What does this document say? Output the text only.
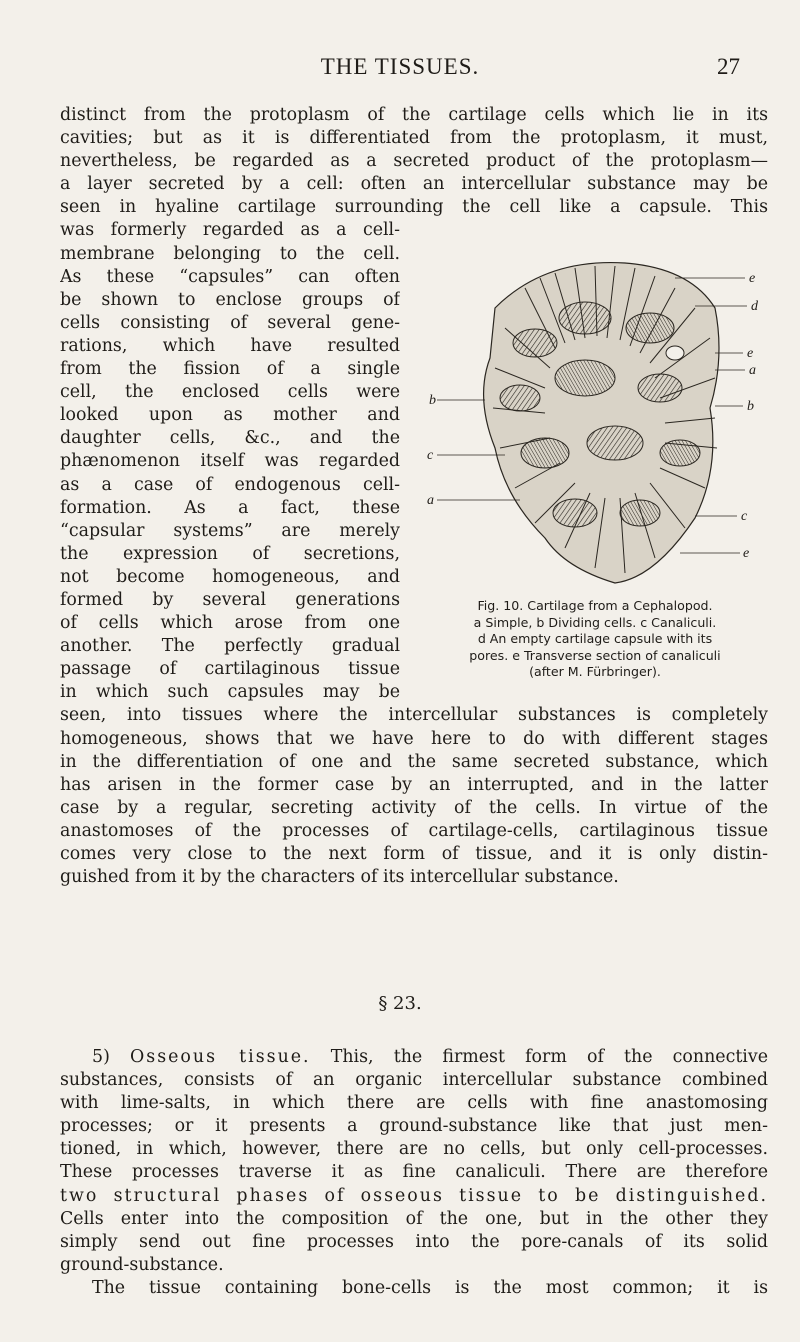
THE TISSUES.	27
distinct from the protoplasm of the cartilage cells which lie in its
cavities; but as it is differentiated from the protoplasm, it must,
nevertheless, be regarded as a secreted product of the protoplasm—
a layer secreted by a cell: often an intercellular substance may be
seen in hyaline cartilage surrounding the cell like a capsule. This
was formerly regarded as a cell-
membrane belonging to the cell.
As these “capsules” can often
be shown to enclose groups of
cells consisting of several gene-
rations, which have resulted
from the fission of a single
cell, the enclosed cells were
looked upon as mother and
daughter cells, &c., and the
phænomenon itself was regarded
as a case of endogenous cell-
formation. As a fact, these
“capsular systems” are merely
the expression of secretions,
not become homogeneous, and
formed by several generations
of cells which arose from one
another. The perfectly gradual
passage of cartilaginous tissue
in which such capsules may be
seen, into tissues where the intercellular substances is completely
homogeneous, shows that we have here to do with different stages
in the differentiation of one and the same secreted substance, which
has arisen in the former case by an interrupted, and in the latter
case by a regular, secreting activity of the cells. In virtue of the
anastomoses of the processes of cartilage-cells, cartilaginous tissue
comes very close to the next form of tissue, and it is only distin-
guished from it by the characters of its intercellular substance.
e
d
b
e
a
b
c
a
c
e
Fig. 10. Cartilage from a Cephalopod.
a Simple, b Dividing cells. c Canaliculi.
d An empty cartilage capsule with its
pores. e Transverse section of canaliculi
(after M. Fürbringer).
§ 23.
5) Osseous tissue. This, the firmest form of the connective
substances, consists of an organic intercellular substance combined
with lime-salts, in which there are cells with fine anastomosing
processes; or it presents a ground-substance like that just men-
tioned, in which, however, there are no cells, but only cell-processes.
These processes traverse it as fine canaliculi. There are therefore
two structural phases of osseous tissue to be distinguished.
Cells enter into the composition of the one, but in the other they
simply send out fine processes into the pore-canals of its solid
ground-substance.
The tissue containing bone-cells is the most common; it is
